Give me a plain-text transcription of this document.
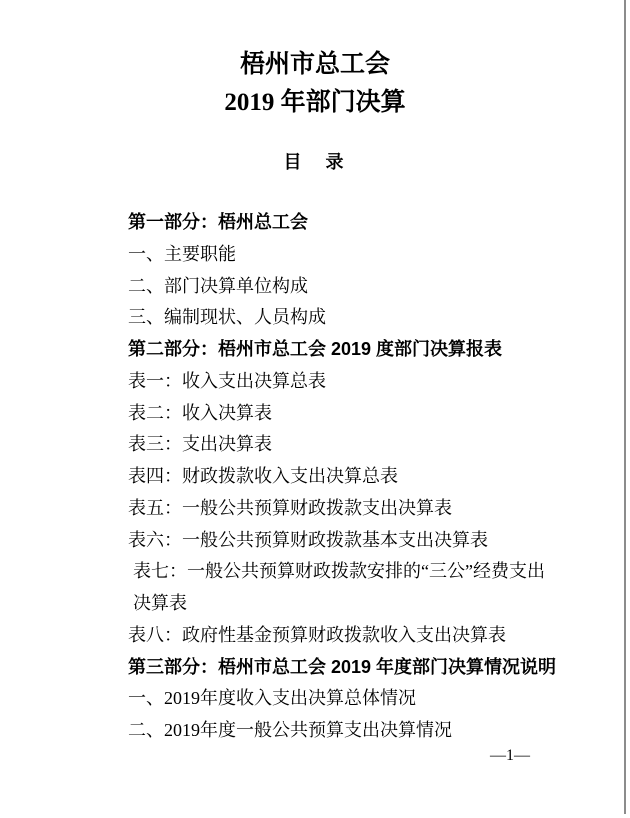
梧州市总工会
2019 年部门决算
目　录
第一部分：梧州总工会
一、主要职能
二、部门决算单位构成
三、编制现状、人员构成
第二部分：梧州市总工会 2019 度部门决算报表
表一：收入支出决算总表
表二：收入决算表
表三：支出决算表
表四：财政拨款收入支出决算总表
表五：一般公共预算财政拨款支出决算表
表六：一般公共预算财政拨款基本支出决算表
表七：一般公共预算财政拨款安排的“三公”经费支出
决算表
表八：政府性基金预算财政拨款收入支出决算表
第三部分：梧州市总工会 2019 年度部门决算情况说明
一、2019年度收入支出决算总体情况
二、2019年度一般公共预算支出决算情况
—1—
